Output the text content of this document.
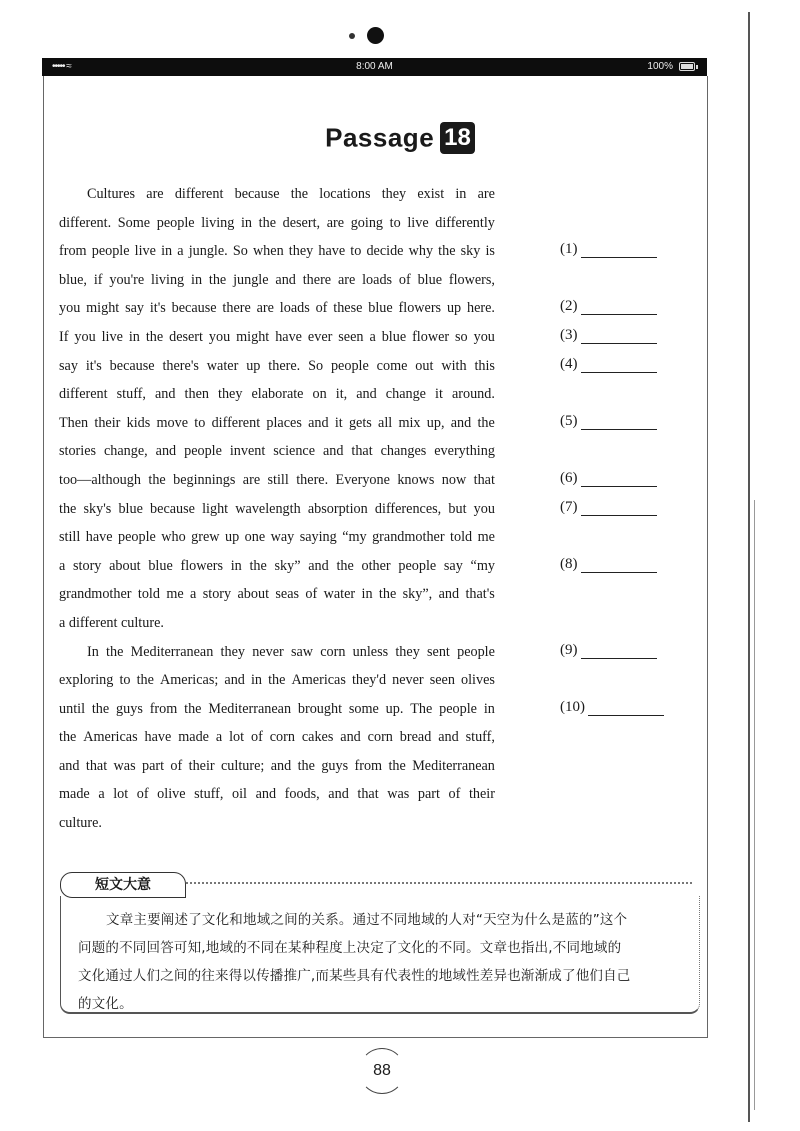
••••• ≈	8:00 AM	100%
Passage 18
Cultures are different because the locations they exist in are
different. Some people living in the desert, are going to live differently
from people live in a jungle. So when they have to decide why the sky is
blue, if you're living in the jungle and there are loads of blue flowers,
you might say it's because there are loads of these blue flowers up here.
If you live in the desert you might have ever seen a blue flower so you
say it's because there's water up there. So people come out with this
different stuff, and then they elaborate on it, and change it around.
Then their kids move to different places and it gets all mix up, and the
stories change, and people invent science and that changes everything
too—although the beginnings are still there. Everyone knows now that
the sky's blue because light wavelength absorption differences, but you
still have people who grew up one way saying “my grandmother told me
a story about blue flowers in the sky” and the other people say “my
grandmother told me a story about seas of water in the sky”, and that's
a different culture.
In the Mediterranean they never saw corn unless they sent people
exploring to the Americas; and in the Americas they'd never seen olives
until the guys from the Mediterranean brought some up. The people in
the Americas have made a lot of corn cakes and corn bread and stuff,
and that was part of their culture; and the guys from the Mediterranean
made a lot of olive stuff, oil and foods, and that was part of their
culture.
(1)
(2)
(3)
(4)
(5)
(6)
(7)
(8)
(9)
(10)
短文大意
文章主要阐述了文化和地域之间的关系。通过不同地域的人对“天空为什么是蓝的”这个
问题的不同回答可知,地域的不同在某种程度上决定了文化的不同。文章也指出,不同地域的
文化通过人们之间的往来得以传播推广,而某些具有代表性的地域性差异也渐渐成了他们自己
的文化。
88
